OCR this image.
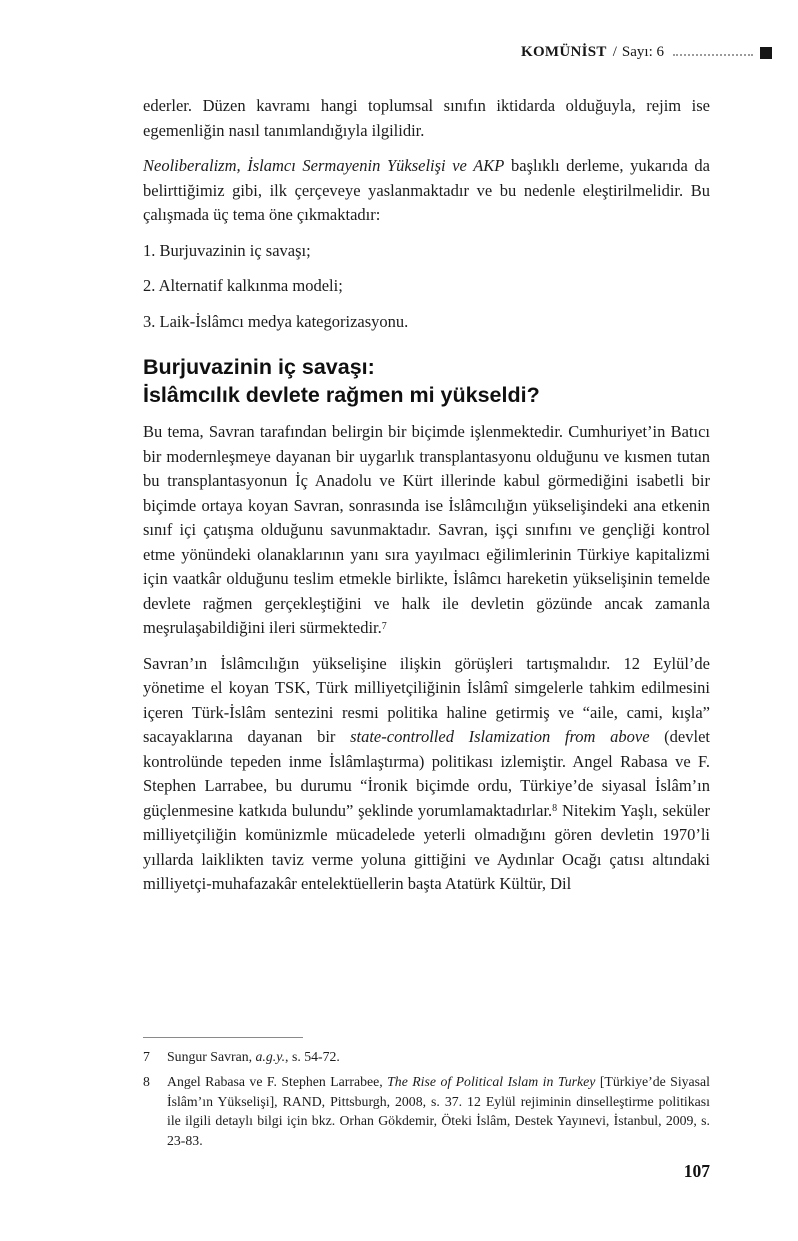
KOMÜNİST / Sayı: 6

ederler. Düzen kavramı hangi toplumsal sınıfın iktidarda olduğuyla, rejim ise egemenliğin nasıl tanımlandığıyla ilgilidir.

Neoliberalizm, İslamcı Sermayenin Yükselişi ve AKP başlıklı derleme, yukarıda da belirttiğimiz gibi, ilk çerçeveye yaslanmaktadır ve bu nedenle eleştirilmelidir. Bu çalışmada üç tema öne çıkmaktadır:

1. Burjuvazinin iç savaşı;

2. Alternatif kalkınma modeli;

3. Laik-İslâmcı medya kategorizasyonu.

Burjuvazinin iç savaşı:
İslâmcılık devlete rağmen mi yükseldi?

Bu tema, Savran tarafından belirgin bir biçimde işlenmektedir. Cumhuriyet’in Batıcı bir modernleşmeye dayanan bir uygarlık transplantasyonu olduğunu ve kısmen tutan bu transplantasyonun İç Anadolu ve Kürt illerinde kabul görmediğini isabetli bir biçimde ortaya koyan Savran, sonrasında ise İslâmcılığın yükselişindeki ana etkenin sınıf içi çatışma olduğunu savunmaktadır. Savran, işçi sınıfını ve gençliği kontrol etme yönündeki olanaklarının yanı sıra yayılmacı eğilimlerinin Türkiye kapitalizmi için vaatkâr olduğunu teslim etmekle birlikte, İslâmcı hareketin yükselişinin temelde devlete rağmen gerçekleştiğini ve halk ile devletin gözünde ancak zamanla meşrulaşabildiğini ileri sürmektedir.$^7$

Savran’ın İslâmcılığın yükselişine ilişkin görüşleri tartışmalıdır. 12 Eylül’de yönetime el koyan TSK, Türk milliyetçiliğinin İslâmî simgelerle tahkim edilmesini içeren Türk-İslâm sentezini resmi politika haline getirmiş ve “aile, cami, kışla” sacayaklarına dayanan bir state-controlled Islamization from above (devlet kontrolünde tepeden inme İslâmlaştırma) politikası izlemiştir. Angel Rabasa ve F. Stephen Larrabee, bu durumu “İronik biçimde ordu, Türkiye’de siyasal İslâm’ın güçlenmesine katkıda bulundu” şeklinde yorumlamaktadırlar.$^8$ Nitekim Yaşlı, seküler milliyetçiliğin komünizmle mücadelede yeterli olmadığını gören devletin 1970’li yıllarda laiklikten taviz verme yoluna gittiğini ve Aydınlar Ocağı çatısı altındaki milliyetçi-muhafazakâr entelektüellerin başta Atatürk Kültür, Dil

7	Sungur Savran, a.g.y., s. 54-72.
8	Angel Rabasa ve F. Stephen Larrabee, The Rise of Political Islam in Turkey [Türkiye’de Siyasal İslâm’ın Yükselişi], RAND, Pittsburgh, 2008, s. 37. 12 Eylül rejiminin dinselleştirme politikası ile ilgili detaylı bilgi için bkz. Orhan Gökdemir, Öteki İslâm, Destek Yayınevi, İstanbul, 2009, s. 23-83.
107
